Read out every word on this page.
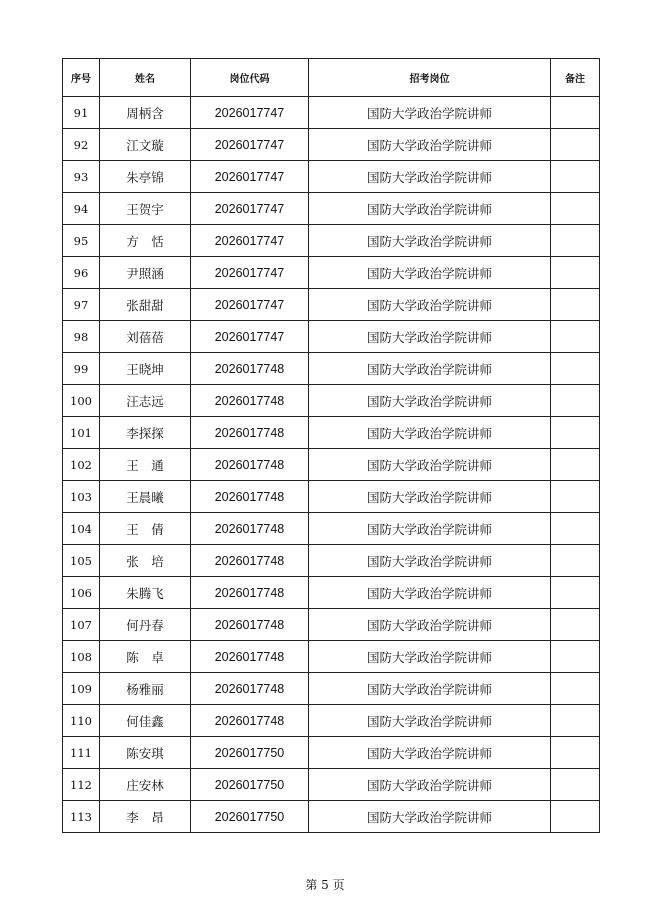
序号	姓名	岗位代码	招考岗位	备注
91	周柄含	2026017747	国防大学政治学院讲师	
92	江文璇	2026017747	国防大学政治学院讲师	
93	朱亭锦	2026017747	国防大学政治学院讲师	
94	王贺宇	2026017747	国防大学政治学院讲师	
95	方　恬	2026017747	国防大学政治学院讲师	
96	尹照涵	2026017747	国防大学政治学院讲师	
97	张甜甜	2026017747	国防大学政治学院讲师	
98	刘蓓蓓	2026017747	国防大学政治学院讲师	
99	王晓坤	2026017748	国防大学政治学院讲师	
100	汪志远	2026017748	国防大学政治学院讲师	
101	李探探	2026017748	国防大学政治学院讲师	
102	王　通	2026017748	国防大学政治学院讲师	
103	王晨曦	2026017748	国防大学政治学院讲师	
104	王　倩	2026017748	国防大学政治学院讲师	
105	张　培	2026017748	国防大学政治学院讲师	
106	朱腾飞	2026017748	国防大学政治学院讲师	
107	何丹春	2026017748	国防大学政治学院讲师	
108	陈　卓	2026017748	国防大学政治学院讲师	
109	杨雅丽	2026017748	国防大学政治学院讲师	
110	何佳鑫	2026017748	国防大学政治学院讲师	
111	陈安琪	2026017750	国防大学政治学院讲师	
112	庄安林	2026017750	国防大学政治学院讲师	
113	李　昂	2026017750	国防大学政治学院讲师	
第 5 页
